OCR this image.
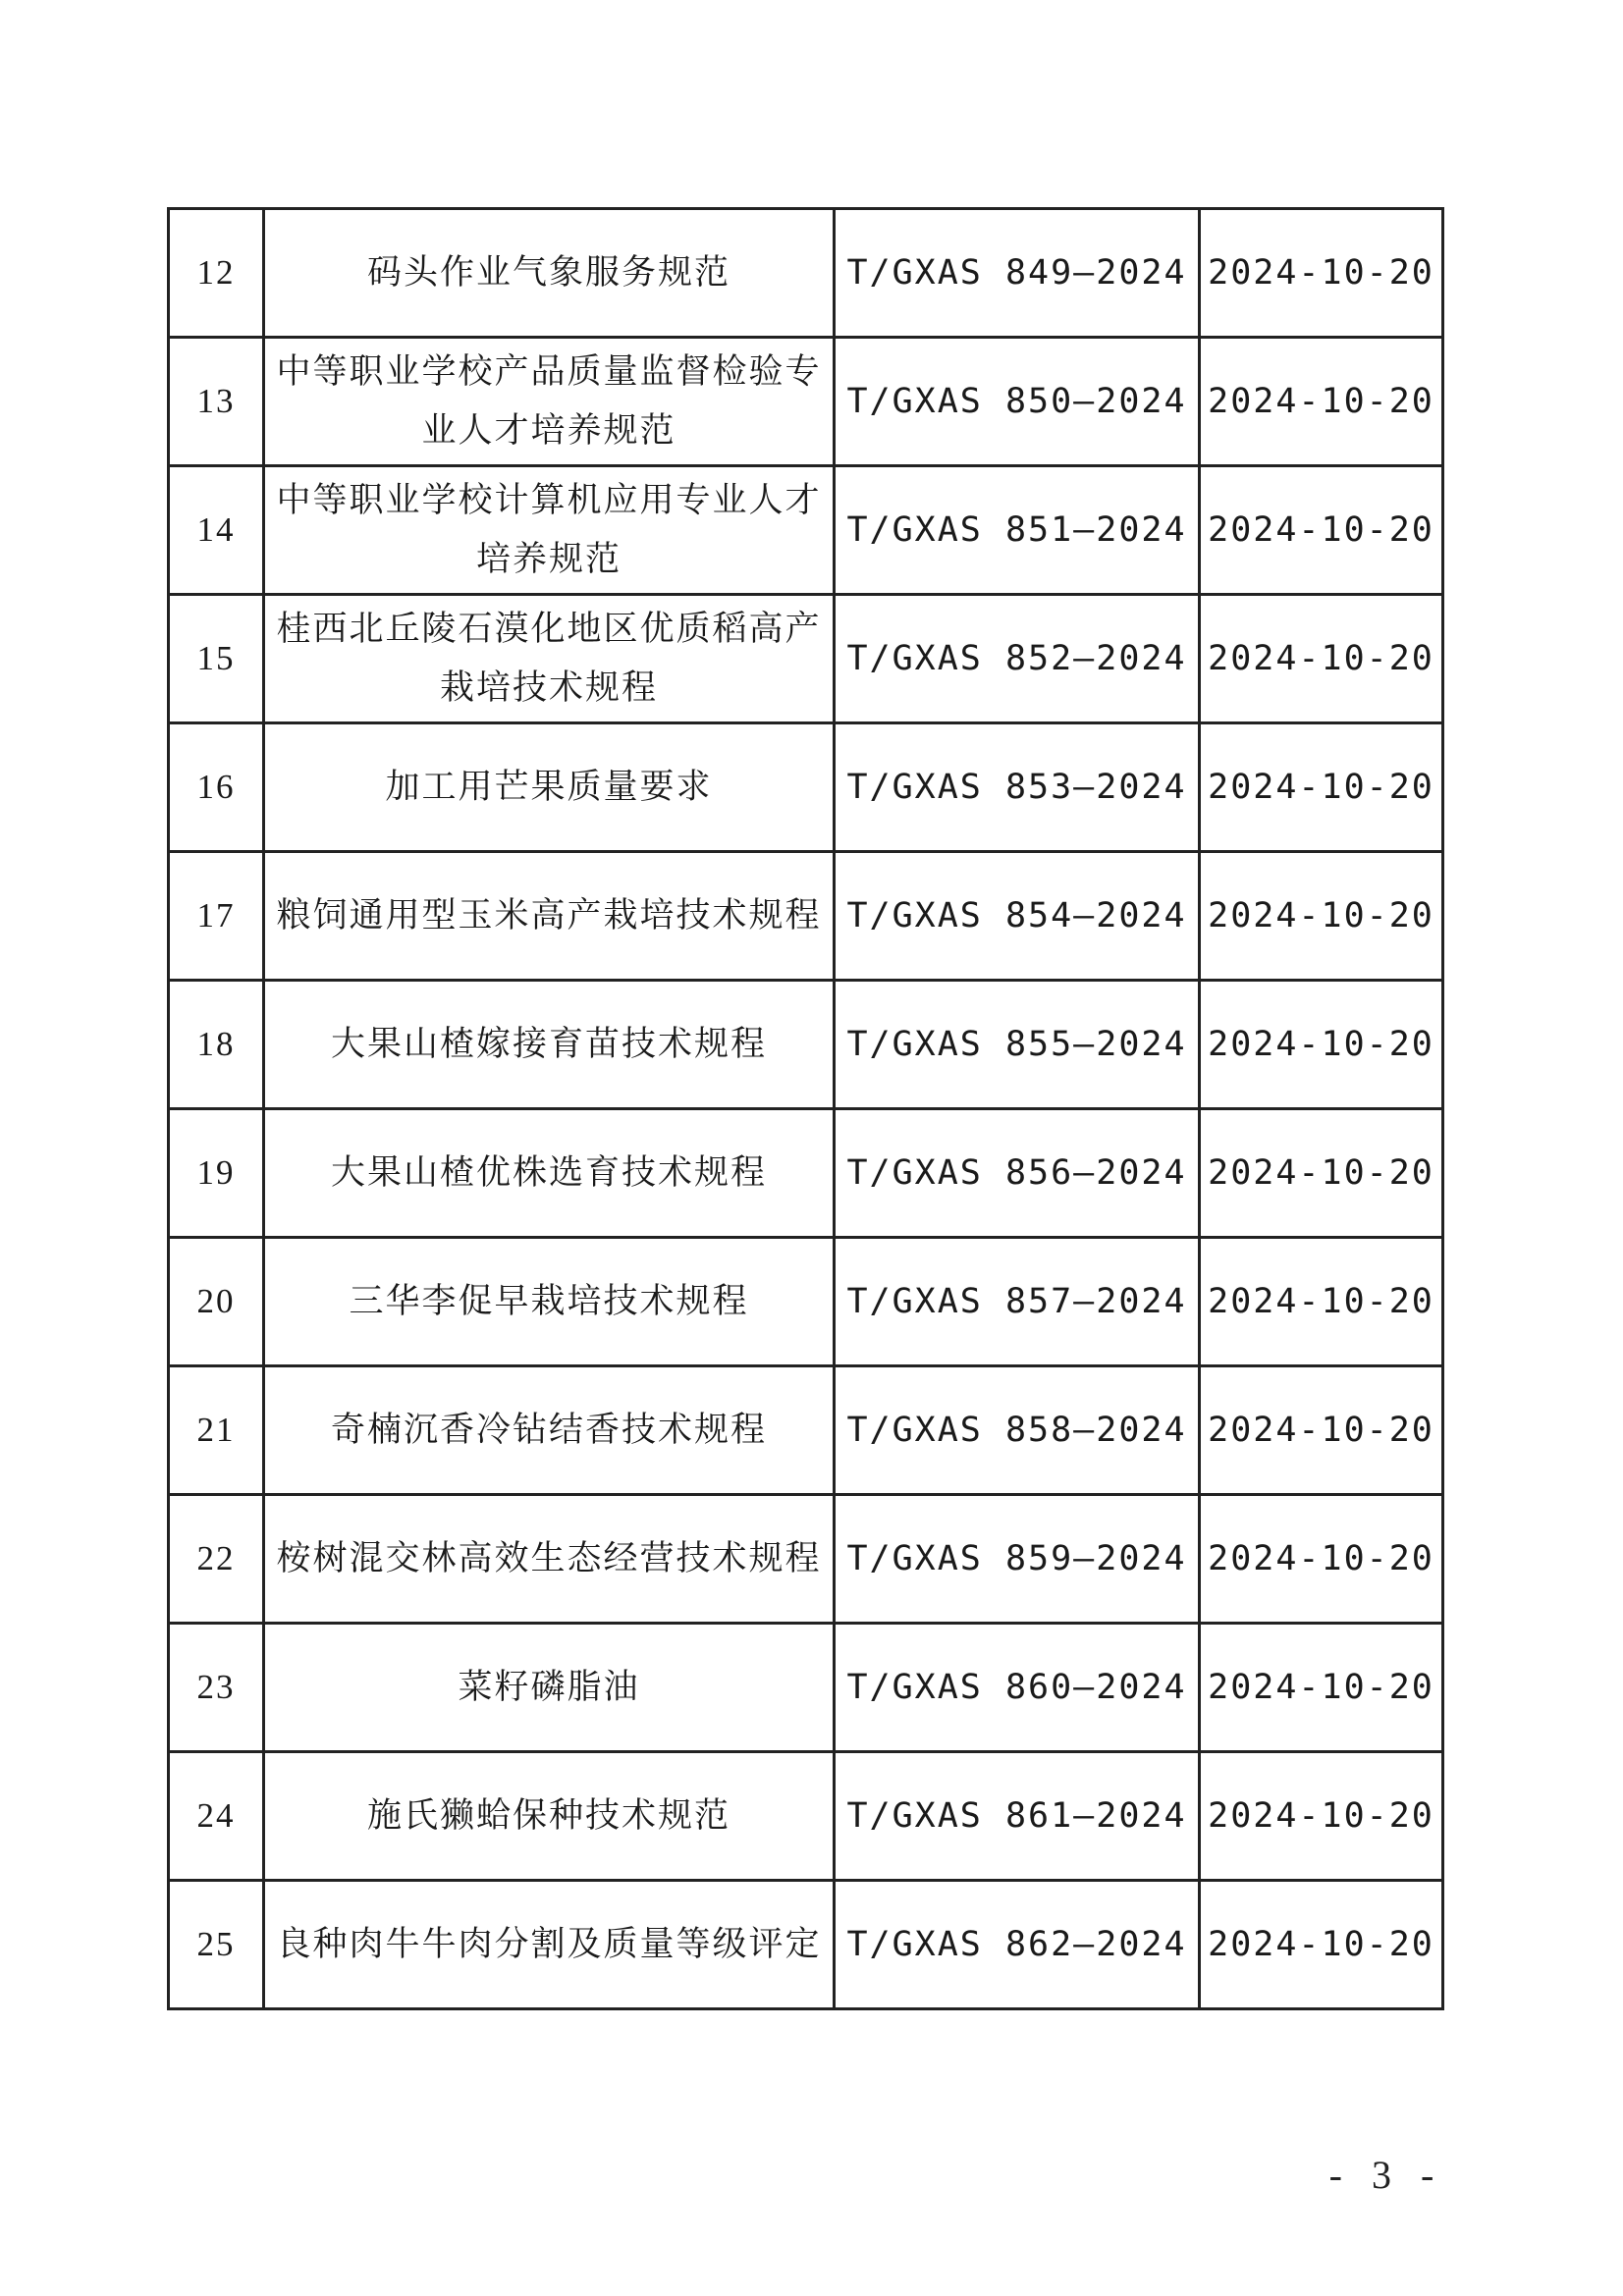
12	码头作业气象服务规范	T/GXAS 849—2024	2024-10-20
13	中等职业学校产品质量监督检验专业人才培养规范	T/GXAS 850—2024	2024-10-20
14	中等职业学校计算机应用专业人才培养规范	T/GXAS 851—2024	2024-10-20
15	桂西北丘陵石漠化地区优质稻高产栽培技术规程	T/GXAS 852—2024	2024-10-20
16	加工用芒果质量要求	T/GXAS 853—2024	2024-10-20
17	粮饲通用型玉米高产栽培技术规程	T/GXAS 854—2024	2024-10-20
18	大果山楂嫁接育苗技术规程	T/GXAS 855—2024	2024-10-20
19	大果山楂优株选育技术规程	T/GXAS 856—2024	2024-10-20
20	三华李促早栽培技术规程	T/GXAS 857—2024	2024-10-20
21	奇楠沉香冷钻结香技术规程	T/GXAS 858—2024	2024-10-20
22	桉树混交林高效生态经营技术规程	T/GXAS 859—2024	2024-10-20
23	菜籽磷脂油	T/GXAS 860—2024	2024-10-20
24	施氏獭蛤保种技术规范	T/GXAS 861—2024	2024-10-20
25	良种肉牛牛肉分割及质量等级评定	T/GXAS 862—2024	2024-10-20
- 3 -
